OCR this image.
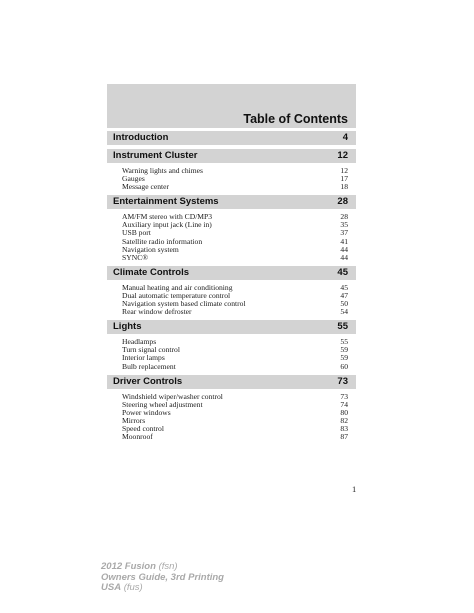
Table of Contents
Introduction	4
Instrument Cluster	12
Warning lights and chimes	12
Gauges	17
Message center	18
Entertainment Systems	28
AM/FM stereo with CD/MP3	28
Auxiliary input jack (Line in)	35
USB port	37
Satellite radio information	41
Navigation system	44
SYNC®	44
Climate Controls	45
Manual heating and air conditioning	45
Dual automatic temperature control	47
Navigation system based climate control	50
Rear window defroster	54
Lights	55
Headlamps	55
Turn signal control	59
Interior lamps	59
Bulb replacement	60
Driver Controls	73
Windshield wiper/washer control	73
Steering wheel adjustment	74
Power windows	80
Mirrors	82
Speed control	83
Moonroof	87
1
2012 Fusion (fsn)
Owners Guide, 3rd Printing
USA (fus)
